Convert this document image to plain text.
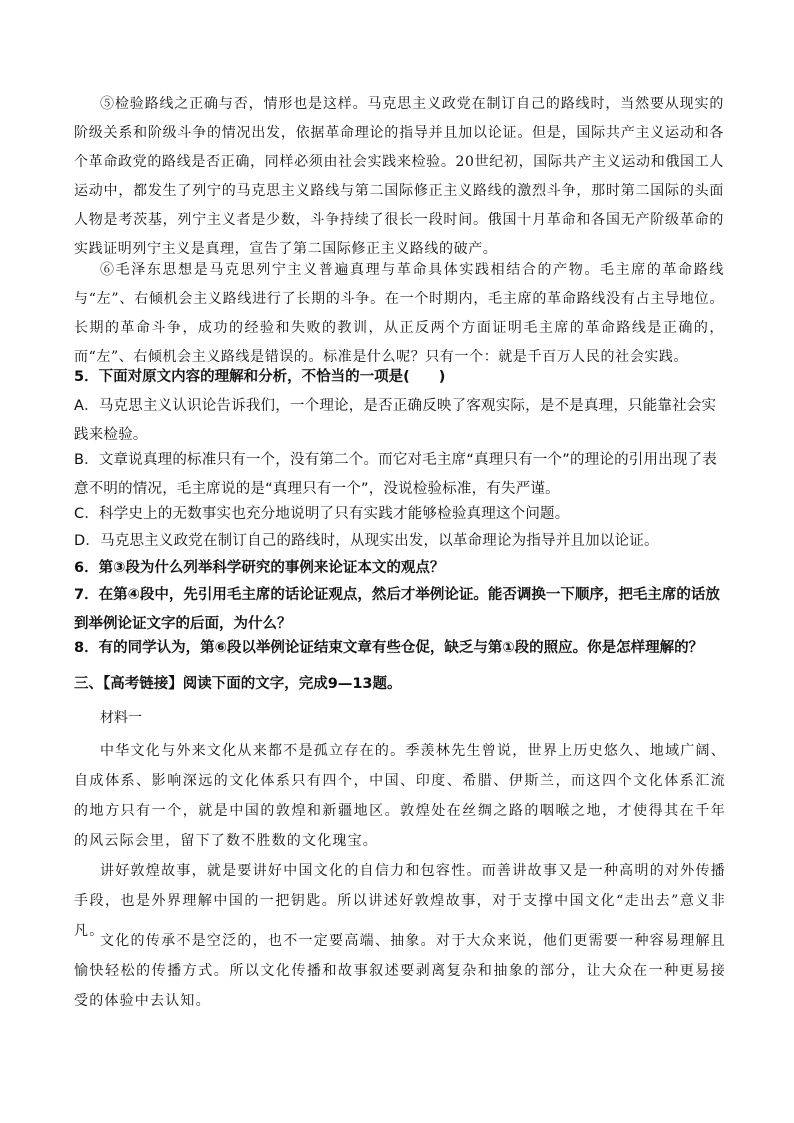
⑤检验路线之正确与否，情形也是这样。马克思主义政党在制订自己的路线时，当然要从现实的阶级关系和阶级斗争的情况出发，依据革命理论的指导并且加以论证。但是，国际共产主义运动和各个革命政党的路线是否正确，同样必须由社会实践来检验。20世纪初，国际共产主义运动和俄国工人运动中，都发生了列宁的马克思主义路线与第二国际修正主义路线的激烈斗争，那时第二国际的头面人物是考茨基，列宁主义者是少数，斗争持续了很长一段时间。俄国十月革命和各国无产阶级革命的实践证明列宁主义是真理，宣告了第二国际修正主义路线的破产。

⑥毛泽东思想是马克思列宁主义普遍真理与革命具体实践相结合的产物。毛主席的革命路线与“左”、右倾机会主义路线进行了长期的斗争。在一个时期内，毛主席的革命路线没有占主导地位。长期的革命斗争，成功的经验和失败的教训，从正反两个方面证明毛主席的革命路线是正确的，而“左”、右倾机会主义路线是错误的。标准是什么呢？只有一个：就是千百万人民的社会实践。

5．下面对原文内容的理解和分析，不恰当的一项是(　　)

A．马克思主义认识论告诉我们，一个理论，是否正确反映了客观实际，是不是真理，只能靠社会实践来检验。

B．文章说真理的标准只有一个，没有第二个。而它对毛主席“真理只有一个”的理论的引用出现了表意不明的情况，毛主席说的是“真理只有一个”，没说检验标准，有失严谨。

C．科学史上的无数事实也充分地说明了只有实践才能够检验真理这个问题。

D．马克思主义政党在制订自己的路线时，从现实出发，以革命理论为指导并且加以论证。

6．第③段为什么列举科学研究的事例来论证本文的观点？

7．在第④段中，先引用毛主席的话论证观点，然后才举例论证。能否调换一下顺序，把毛主席的话放到举例论证文字的后面，为什么？

8．有的同学认为，第⑥段以举例论证结束文章有些仓促，缺乏与第①段的照应。你是怎样理解的？

三、【高考链接】阅读下面的文字，完成9—13题。

材料一

中华文化与外来文化从来都不是孤立存在的。季羡林先生曾说，世界上历史悠久、地域广阔、自成体系、影响深远的文化体系只有四个，中国、印度、希腊、伊斯兰，而这四个文化体系汇流的地方只有一个，就是中国的敦煌和新疆地区。敦煌处在丝绸之路的咽喉之地，才使得其在千年的风云际会里，留下了数不胜数的文化瑰宝。

讲好敦煌故事，就是要讲好中国文化的自信力和包容性。而善讲故事又是一种高明的对外传播手段，也是外界理解中国的一把钥匙。所以讲述好敦煌故事，对于支撑中国文化“走出去”意义非凡。

文化的传承不是空泛的，也不一定要高端、抽象。对于大众来说，他们更需要一种容易理解且愉快轻松的传播方式。所以文化传播和故事叙述要剥离复杂和抽象的部分，让大众在一种更易接受的体验中去认知。
